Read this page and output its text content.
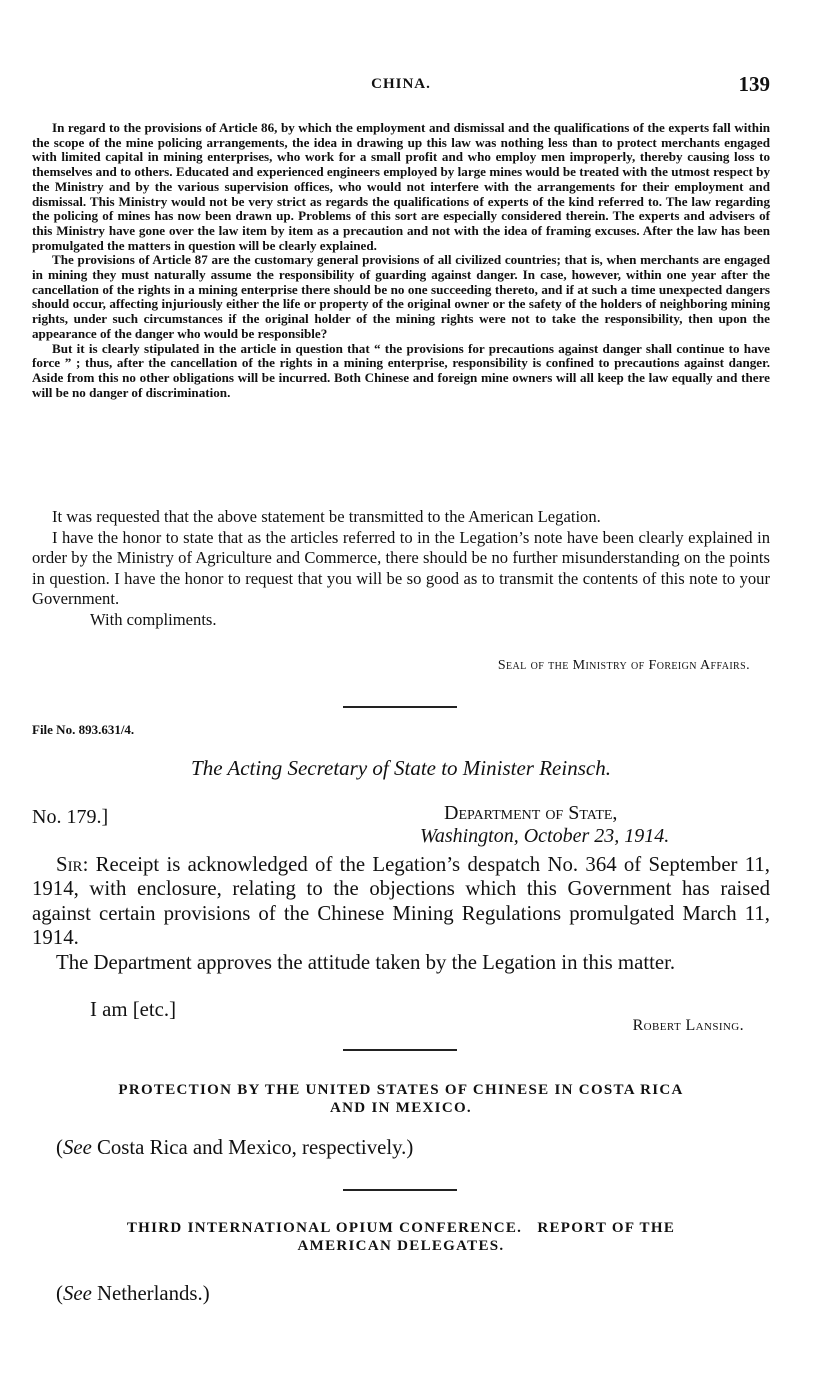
CHINA.	139

In regard to the provisions of Article 86, by which the employment and dismissal and the qualifications of the experts fall within the scope of the mine policing arrangements, the idea in drawing up this law was nothing less than to protect merchants engaged with limited capital in mining enterprises, who work for a small profit and who employ men improperly, thereby causing loss to themselves and to others. Educated and experienced engineers employed by large mines would be treated with the utmost respect by the Ministry and by the various supervision offices, who would not interfere with the arrangements for their employment and dismissal. This Ministry would not be very strict as regards the qualifications of experts of the kind referred to. The law regarding the policing of mines has now been drawn up. Problems of this sort are especially considered therein. The experts and advisers of this Ministry have gone over the law item by item as a precaution and not with the idea of framing excuses. After the law has been promulgated the matters in question will be clearly explained.

The provisions of Article 87 are the customary general provisions of all civilized countries; that is, when merchants are engaged in mining they must naturally assume the responsibility of guarding against danger. In case, however, within one year after the cancellation of the rights in a mining enterprise there should be no one succeeding thereto, and if at such a time unexpected dangers should occur, affecting injuriously either the life or property of the original owner or the safety of the holders of neighboring mining rights, under such circumstances if the original holder of the mining rights were not to take the responsibility, then upon the appearance of the danger who would be responsible?

But it is clearly stipulated in the article in question that “ the provisions for precautions against danger shall continue to have force ” ; thus, after the cancellation of the rights in a mining enterprise, responsibility is confined to precautions against danger. Aside from this no other obligations will be incurred. Both Chinese and foreign mine owners will all keep the law equally and there will be no danger of discrimination.

It was requested that the above statement be transmitted to the American Legation.

I have the honor to state that as the articles referred to in the Legation’s note have been clearly explained in order by the Ministry of Agriculture and Commerce, there should be no further misunderstanding on the points in question. I have the honor to request that you will be so good as to transmit the contents of this note to your Government.

With compliments.

Seal of the Ministry of Foreign Affairs.
File No. 893.631/4.
The Acting Secretary of State to Minister Reinsch.
No. 179.]	Department of State,
Washington, October 23, 1914.

Sir: Receipt is acknowledged of the Legation’s despatch No. 364 of September 11, 1914, with enclosure, relating to the objections which this Government has raised against certain provisions of the Chinese Mining Regulations promulgated March 11, 1914.

The Department approves the attitude taken by the Legation in this matter.

I am [etc.]
Robert Lansing.
PROTECTION BY THE UNITED STATES OF CHINESE IN COSTA RICA
AND IN MEXICO.
(See Costa Rica and Mexico, respectively.)
THIRD INTERNATIONAL OPIUM CONFERENCE.   REPORT OF THE
AMERICAN DELEGATES.
(See Netherlands.)
